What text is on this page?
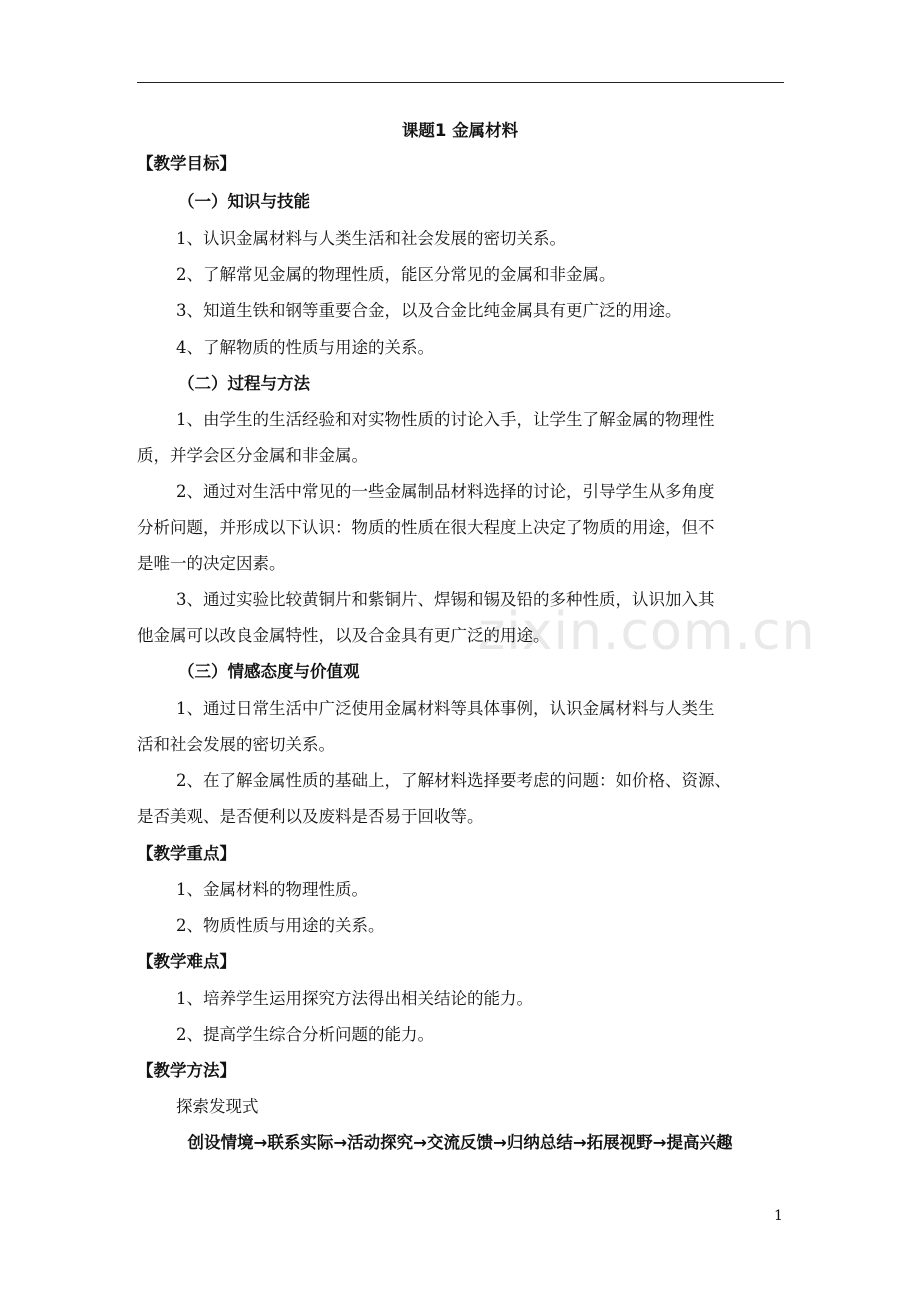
zixin.com.cn
课题1 金属材料
【教学目标】
（一）知识与技能
1、认识金属材料与人类生活和社会发展的密切关系。
2、了解常见金属的物理性质，能区分常见的金属和非金属。
3、知道生铁和钢等重要合金，以及合金比纯金属具有更广泛的用途。
4、了解物质的性质与用途的关系。
（二）过程与方法
1、由学生的生活经验和对实物性质的讨论入手，让学生了解金属的物理性
质，并学会区分金属和非金属。
2、通过对生活中常见的一些金属制品材料选择的讨论，引导学生从多角度
分析问题，并形成以下认识：物质的性质在很大程度上决定了物质的用途，但不
是唯一的决定因素。
3、通过实验比较黄铜片和紫铜片、焊锡和锡及铅的多种性质，认识加入其
他金属可以改良金属特性，以及合金具有更广泛的用途。
（三）情感态度与价值观
1、通过日常生活中广泛使用金属材料等具体事例，认识金属材料与人类生
活和社会发展的密切关系。
2、在了解金属性质的基础上，了解材料选择要考虑的问题：如价格、资源、
是否美观、是否便利以及废料是否易于回收等。
【教学重点】
1、金属材料的物理性质。
2、物质性质与用途的关系。
【教学难点】
1、培养学生运用探究方法得出相关结论的能力。
2、提高学生综合分析问题的能力。
【教学方法】
探索发现式
创设情境→联系实际→活动探究→交流反馈→归纳总结→拓展视野→提高兴趣
1
